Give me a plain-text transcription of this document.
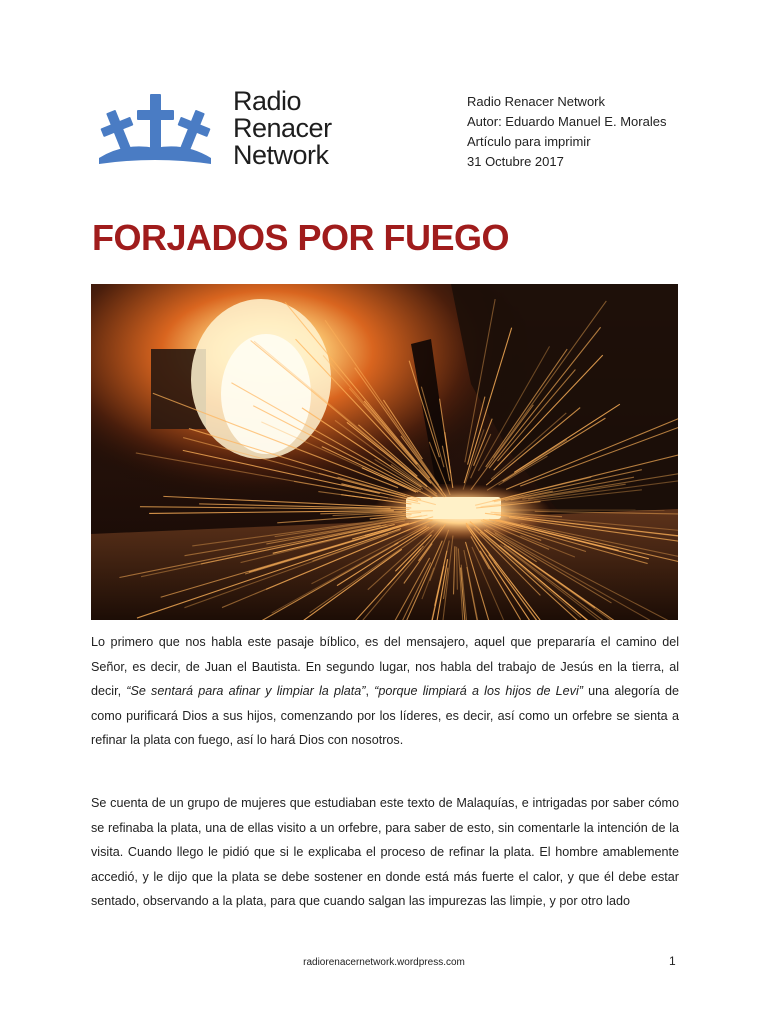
Radio
Renacer
Network
Radio Renacer Network
Autor: Eduardo Manuel E. Morales
Artículo para imprimir
31 Octubre 2017
FORJADOS POR FUEGO

Lo primero que nos habla este pasaje bíblico, es del mensajero, aquel que prepararía el camino del Señor, es decir, de Juan el Bautista. En segundo lugar, nos habla del trabajo de Jesús en la tierra, al decir, “Se sentará para afinar y limpiar la plata”, “porque limpiará a los hijos de Levi” una alegoría de como purificará Dios a sus hijos, comenzando por los líderes, es decir, así como un orfebre se sienta a refinar la plata con fuego, así lo hará Dios con nosotros.

Se cuenta de un grupo de mujeres que estudiaban este texto de Malaquías, e intrigadas por saber cómo se refinaba la plata, una de ellas visito a un orfebre, para saber de esto, sin comentarle la intención de la visita. Cuando llego le pidió que si le explicaba el proceso de refinar la plata. El hombre amablemente accedió, y le dijo que la plata se debe sostener en donde está más fuerte el calor, y que él debe estar sentado, observando a la plata, para que cuando salgan las impurezas las limpie, y por otro lado

radiorenacernetwork.wordpress.com	1
